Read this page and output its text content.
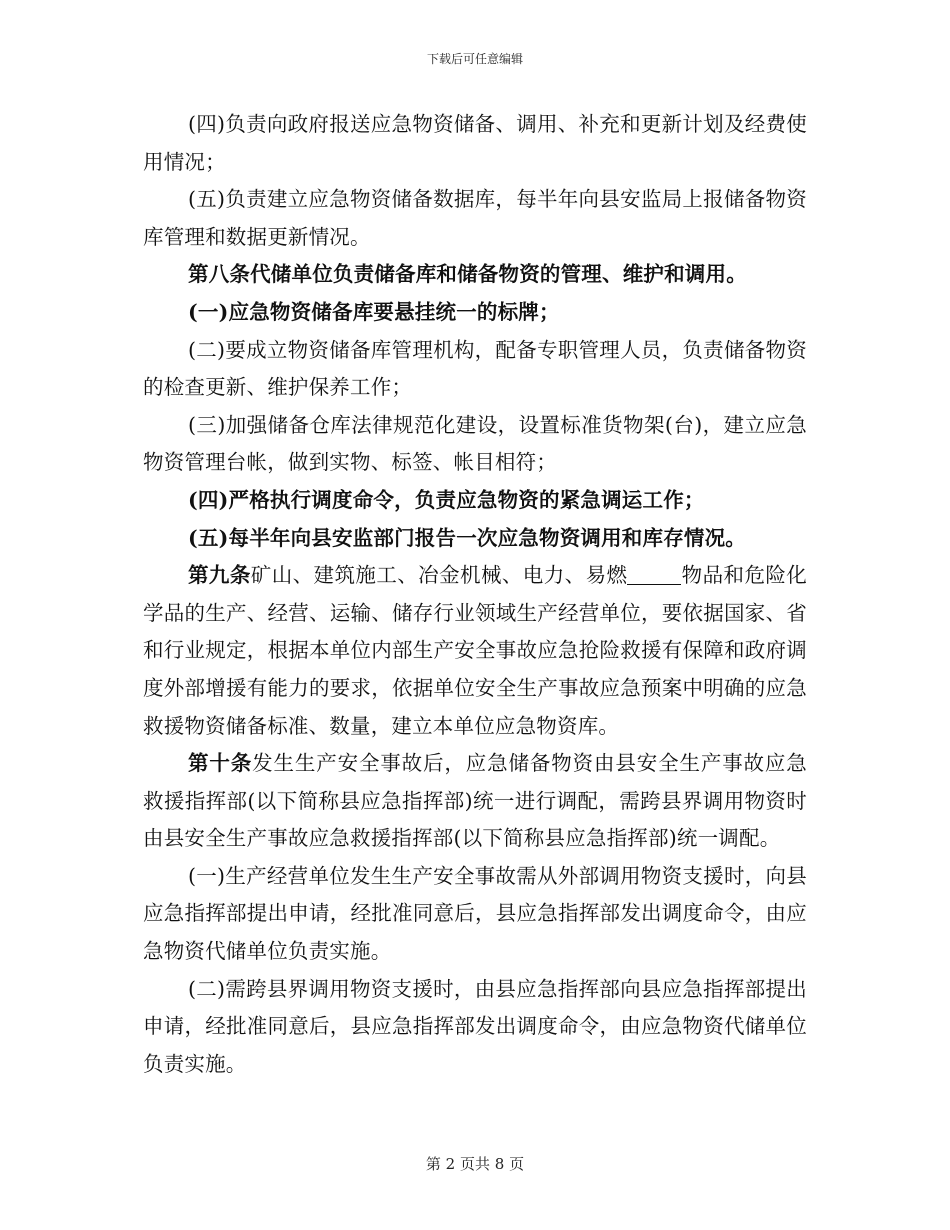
下载后可任意编辑

(四)负责向政府报送应急物资储备、调用、补充和更新计划及经费使用情况；

(五)负责建立应急物资储备数据库，每半年向县安监局上报储备物资库管理和数据更新情况。

第八条代储单位负责储备库和储备物资的管理、维护和调用。

(一)应急物资储备库要悬挂统一的标牌；

(二)要成立物资储备库管理机构，配备专职管理人员，负责储备物资的检查更新、维护保养工作；

(三)加强储备仓库法律规范化建设，设置标准货物架(台)，建立应急物资管理台帐，做到实物、标签、帐目相符；

(四)严格执行调度命令，负责应急物资的紧急调运工作；

(五)每半年向县安监部门报告一次应急物资调用和库存情况。

第九条矿山、建筑施工、冶金机械、电力、易燃	物品和危险化学品的生产、经营、运输、储存行业领域生产经营单位，要依据国家、省和行业规定，根据本单位内部生产安全事故应急抢险救援有保障和政府调度外部增援有能力的要求，依据单位安全生产事故应急预案中明确的应急救援物资储备标准、数量，建立本单位应急物资库。

第十条发生生产安全事故后，应急储备物资由县安全生产事故应急救援指挥部(以下简称县应急指挥部)统一进行调配，需跨县界调用物资时由县安全生产事故应急救援指挥部(以下简称县应急指挥部)统一调配。

(一)生产经营单位发生生产安全事故需从外部调用物资支援时，向县应急指挥部提出申请，经批准同意后，县应急指挥部发出调度命令，由应急物资代储单位负责实施。

(二)需跨县界调用物资支援时，由县应急指挥部向县应急指挥部提出申请，经批准同意后，县应急指挥部发出调度命令，由应急物资代储单位负责实施。

第 2 页共 8 页
